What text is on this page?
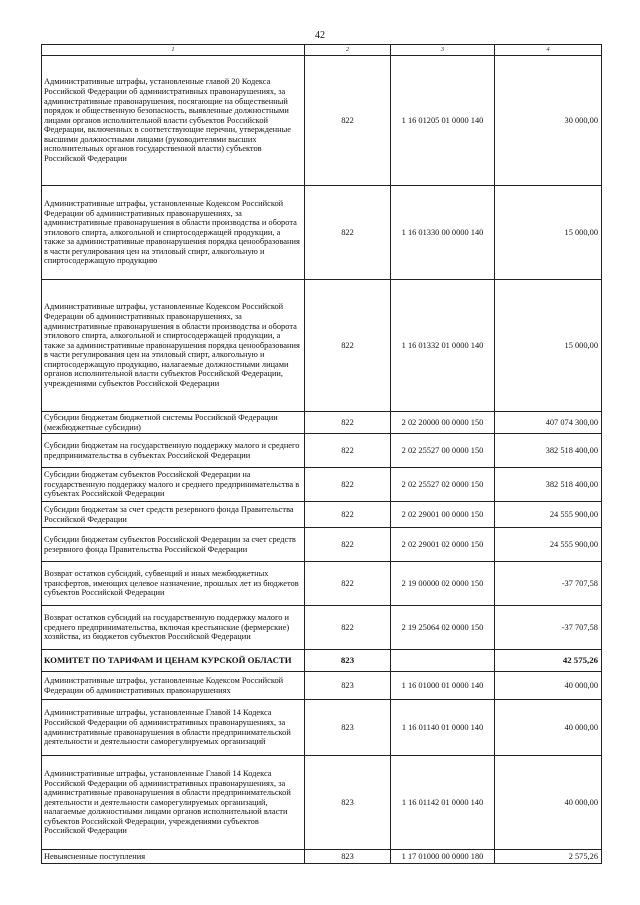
42
1	2	3	4
Административные штрафы, установленные главой 20 Кодекса Российской Федерации об административных правонарушениях, за административные правонарушения, посягающие на общественный порядок и общественную безопасность, выявленные должностными лицами органов исполнительной власти субъектов Российской Федерации, включенных в соответствующие перечни, утвержденные высшими должностными лицами (руководителями высших исполнительных органов государственной власти) субъектов Российской Федерации	822	1 16 01205 01 0000 140	30 000,00
Административные штрафы, установленные Кодексом Российской Федерации об административных правонарушениях, за административные правонарушения в области производства и оборота этилового спирта, алкогольной и спиртосодержащей продукции, а также за административные правонарушения порядка ценообразования в части регулирования цен на этиловый спирт, алкогольную и спиртосодержащую продукцию	822	1 16 01330 00 0000 140	15 000,00
Административные штрафы, установленные Кодексом Российской Федерации об административных правонарушениях, за административные правонарушения в области производства и оборота этилового спирта, алкогольной и спиртосодержащей продукции, а также за административные правонарушения порядка ценообразования в части регулирования цен на этиловый спирт, алкогольную и спиртосодержащую продукцию, налагаемые должностными лицами органов исполнительной власти субъектов Российской Федерации, учреждениями субъектов Российской Федерации	822	1 16 01332 01 0000 140	15 000,00
Субсидии бюджетам бюджетной системы Российской Федерации (межбюджетные субсидии)	822	2 02 20000 00 0000 150	407 074 300,00
Субсидии бюджетам на государственную поддержку малого и среднего предпринимательства в субъектах Российской Федерации	822	2 02 25527 00 0000 150	382 518 400,00
Субсидии бюджетам субъектов Российской Федерации на государственную поддержку малого и среднего предпринимательства в субъектах Российской Федерации	822	2 02 25527 02 0000 150	382 518 400,00
Субсидии бюджетам за счет средств резервного фонда Правительства Российской Федерации	822	2 02 29001 00 0000 150	24 555 900,00
Субсидии бюджетам субъектов Российской Федерации за счет средств резервного фонда Правительства Российской Федерации	822	2 02 29001 02 0000 150	24 555 900,00
Возврат остатков субсидий, субвенций и иных межбюджетных трансфертов, имеющих целевое назначение, прошлых лет из бюджетов субъектов Российской Федерации	822	2 19 00000 02 0000 150	-37 707,58
Возврат остатков субсидий на государственную поддержку малого и среднего предпринимательства, включая крестьянские (фермерские) хозяйства, из бюджетов субъектов Российской Федерации	822	2 19 25064 02 0000 150	-37 707,58
КОМИТЕТ ПО ТАРИФАМ И ЦЕНАМ КУРСКОЙ ОБЛАСТИ	823		42 575,26
Административные штрафы, установленные Кодексом Российской Федерации об административных правонарушениях	823	1 16 01000 01 0000 140	40 000,00
Административные штрафы, установленные Главой 14 Кодекса Российской Федерации об административных правонарушениях, за административные правонарушения в области предпринимательской деятельности и деятельности саморегулируемых организаций	823	1 16 01140 01 0000 140	40 000,00
Административные штрафы, установленные Главой 14 Кодекса Российской Федерации об административных правонарушениях, за административные правонарушения в области предпринимательской деятельности и деятельности саморегулируемых организаций, налагаемые должностными лицами органов исполнительной власти субъектов Российской Федерации, учреждениями субъектов Российской Федерации	823	1 16 01142 01 0000 140	40 000,00
Невыясненные поступления	823	1 17 01000 00 0000 180	2 575,26
